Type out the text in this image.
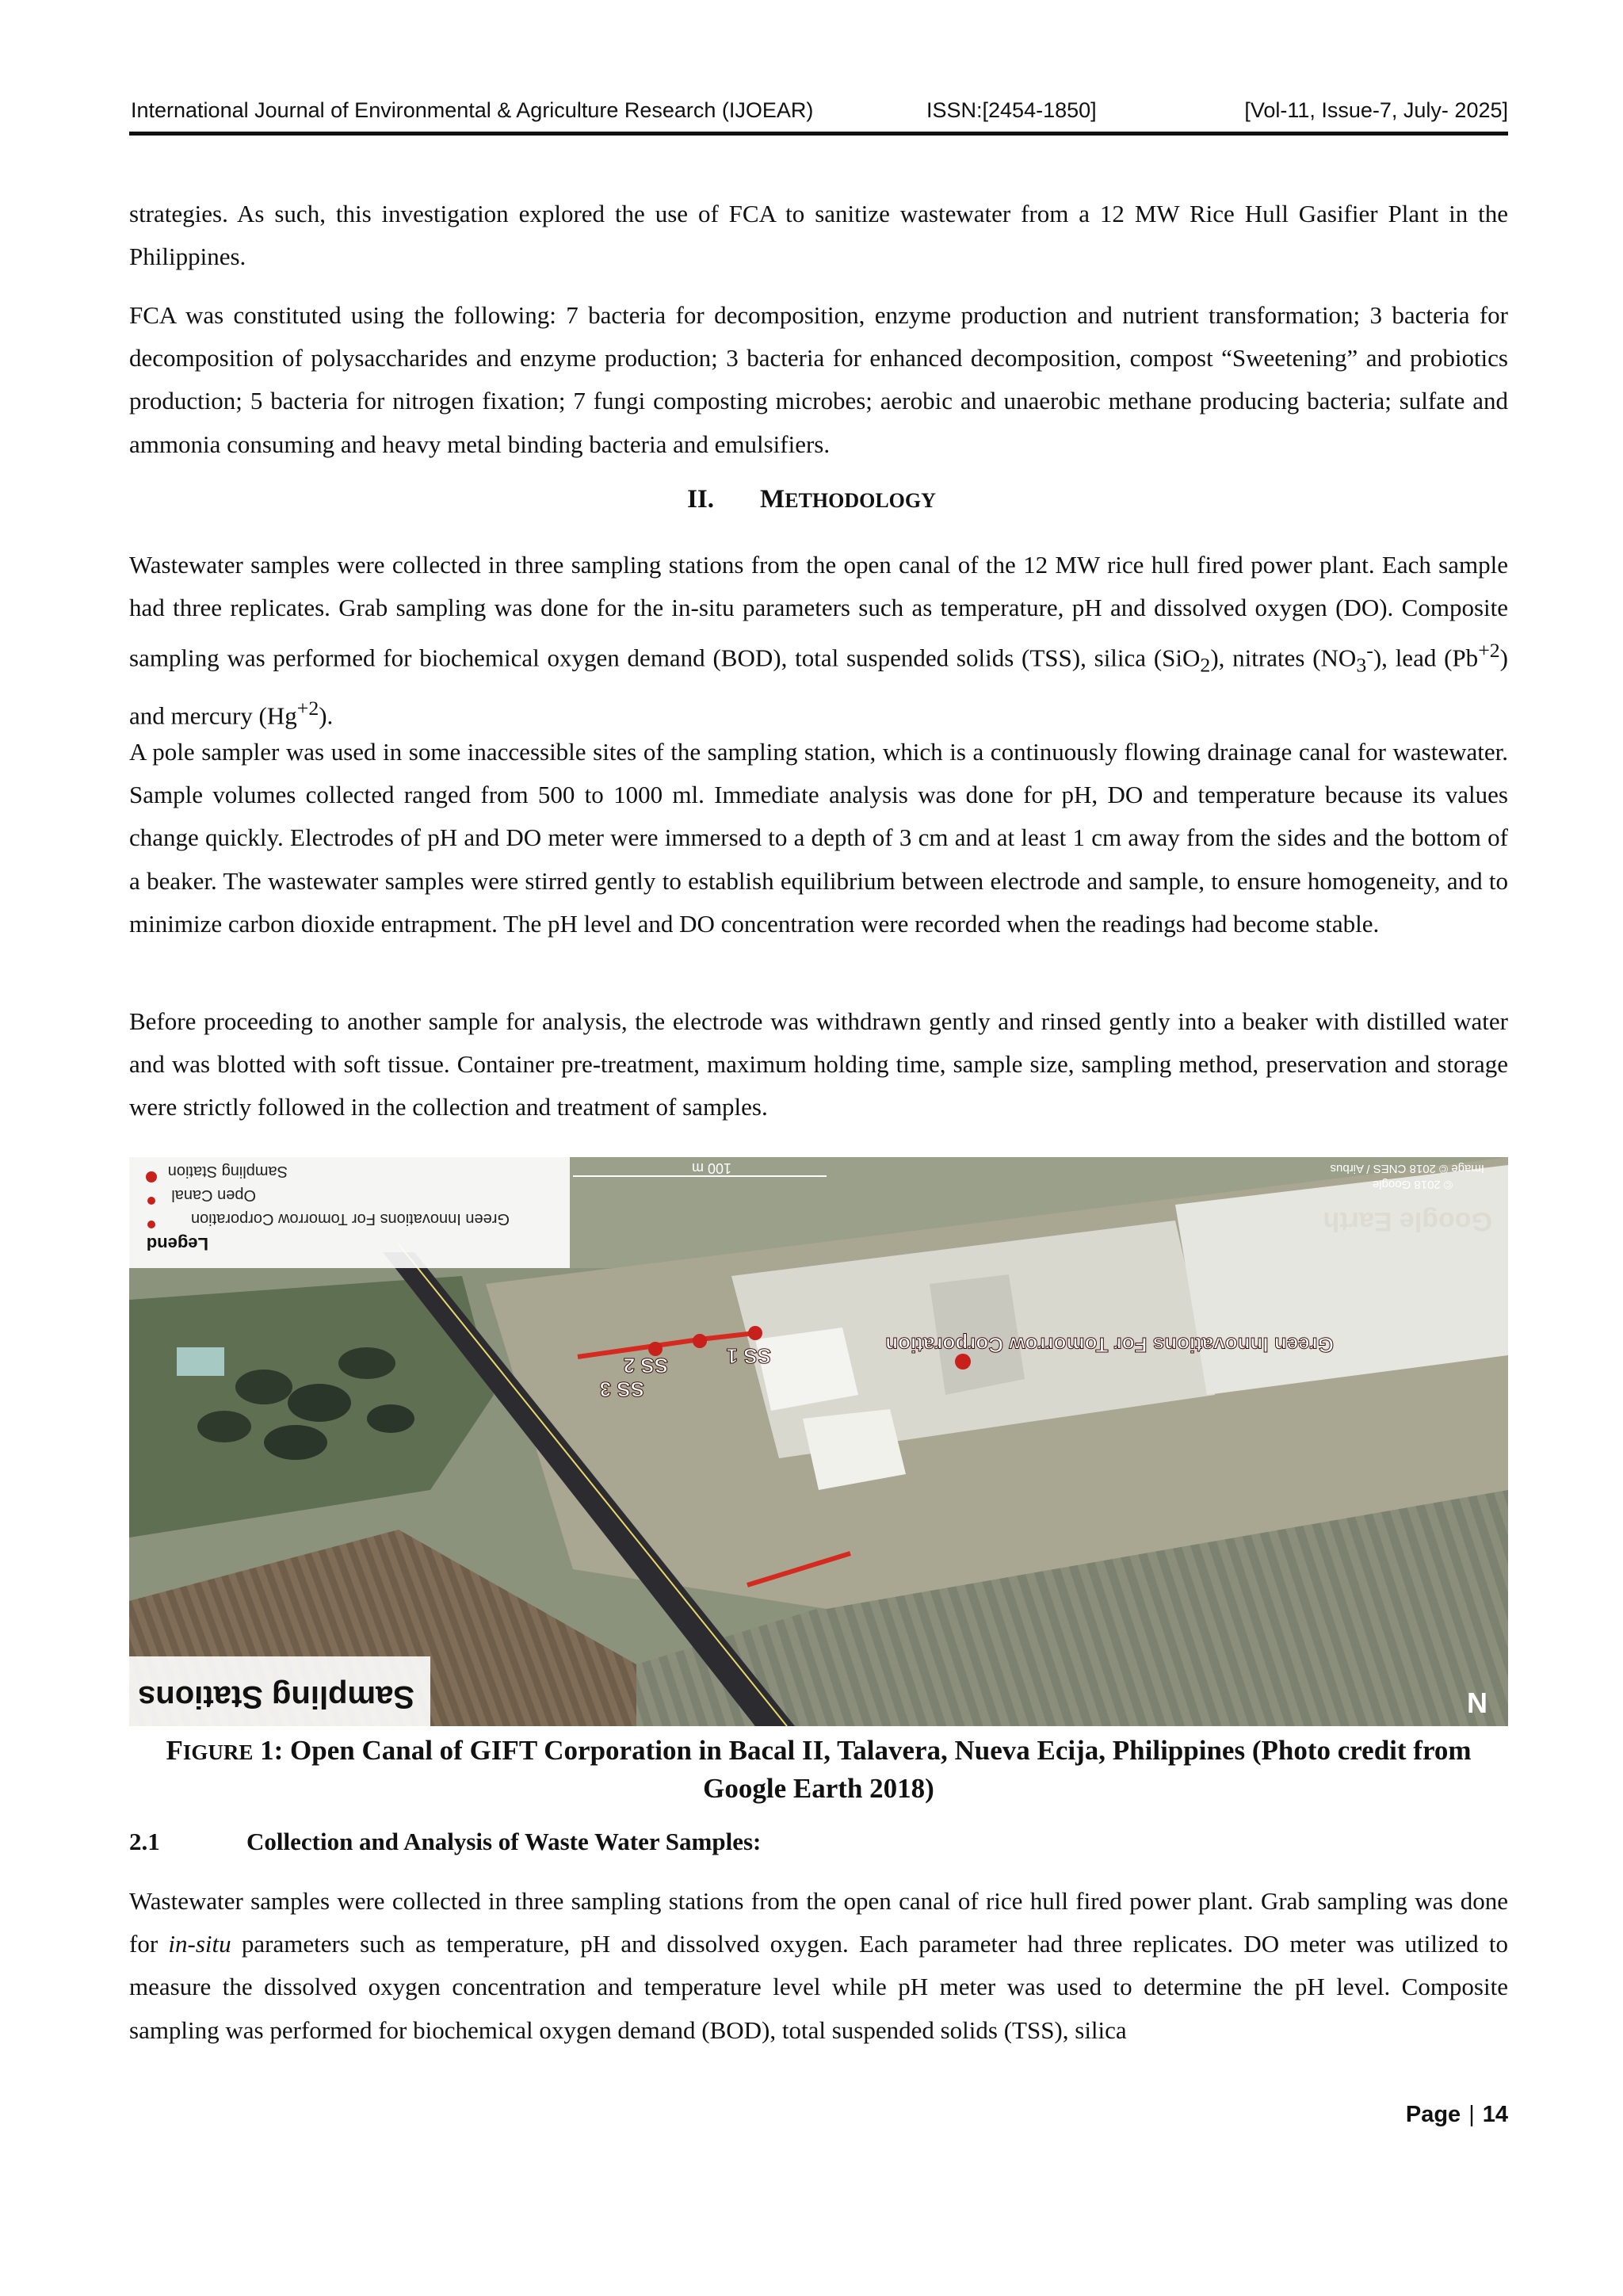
International Journal of Environmental & Agriculture Research (IJOEAR)	ISSN:[2454-1850]	[Vol-11, Issue-7, July- 2025]

strategies. As such, this investigation explored the use of FCA to sanitize wastewater from a 12 MW Rice Hull Gasifier Plant in the Philippines.

FCA was constituted using the following: 7 bacteria for decomposition, enzyme production and nutrient transformation; 3 bacteria for decomposition of polysaccharides and enzyme production; 3 bacteria for enhanced decomposition, compost “Sweetening” and probiotics production; 5 bacteria for nitrogen fixation; 7 fungi composting microbes; aerobic and unaerobic methane producing bacteria; sulfate and ammonia consuming and heavy metal binding bacteria and emulsifiers.

II. METHODOLOGY

Wastewater samples were collected in three sampling stations from the open canal of the 12 MW rice hull fired power plant. Each sample had three replicates. Grab sampling was done for the in-situ parameters such as temperature, pH and dissolved oxygen (DO). Composite sampling was performed for biochemical oxygen demand (BOD), total suspended solids (TSS), silica (SiO$_2$), nitrates $(NO_3^-)$, lead $(Pb^{+2})$ and mercury $(Hg^{+2})$.

A pole sampler was used in some inaccessible sites of the sampling station, which is a continuously flowing drainage canal for wastewater. Sample volumes collected ranged from 500 to 1000 ml. Immediate analysis was done for pH, DO and temperature because its values change quickly. Electrodes of pH and DO meter were immersed to a depth of 3 cm and at least 1 cm away from the sides and the bottom of a beaker. The wastewater samples were stirred gently to establish equilibrium between electrode and sample, to ensure homogeneity, and to minimize carbon dioxide entrapment. The pH level and DO concentration were recorded when the readings had become stable.

Before proceeding to another sample for analysis, the electrode was withdrawn gently and rinsed gently into a beaker with distilled water and was blotted with soft tissue. Container pre-treatment, maximum holding time, sample size, sampling method, preservation and storage were strictly followed in the collection and treatment of samples.

SS 3
SS 2	SS 1	Green Innovations For Tomorrow Corporation
Legend
Green Innovations For Tomorrow Corporation
Open Canal
Sampling Station	100 m	Image © 2018 CNES / Airbus
© 2018 Google
Google Earth
Sampling Stations	N
FIGURE 1: Open Canal of GIFT Corporation in Bacal II, Talavera, Nueva Ecija, Philippines (Photo credit from Google Earth 2018)
2.1	Collection and Analysis of Waste Water Samples:

Wastewater samples were collected in three sampling stations from the open canal of rice hull fired power plant. Grab sampling was done for in-situ parameters such as temperature, pH and dissolved oxygen. Each parameter had three replicates. DO meter was utilized to measure the dissolved oxygen concentration and temperature level while pH meter was used to determine the pH level. Composite sampling was performed for biochemical oxygen demand (BOD), total suspended solids (TSS), silica

Page | 14
